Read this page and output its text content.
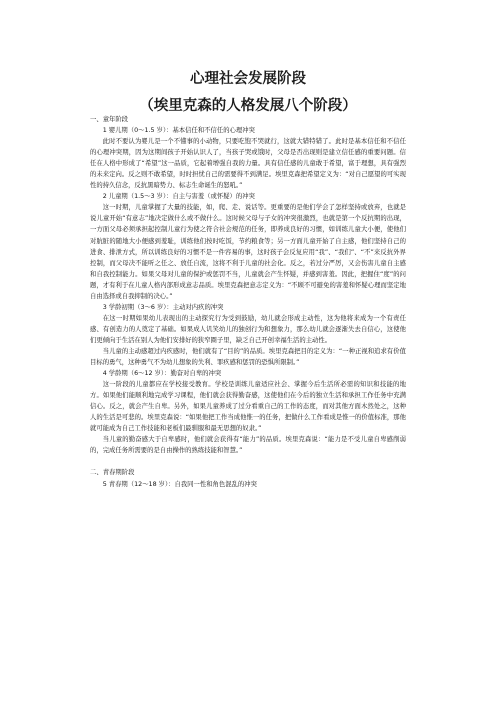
心理社会发展阶段
（埃里克森的人格发展八个阶段）

一、童年阶段

1 婴儿期（0～1.5 岁）：基本信任和不信任的心理冲突

此时不要认为婴儿是一个不懂事的小动物，只要吃饱不哭就行，这就大错特错了。此时是基本信任和不信任的心理冲突期，因为这期间孩子开始认识人了，当孩子哭或饿时，父母是否出现则是建立信任感的重要问题。信任在人格中形成了“希望”这一品质，它起着增强自我的力量。具有信任感的儿童敢于希望，富于理想，具有强烈的未来定向。反之则不敢希望，时时担忧自己的需要得不到满足。埃里克森把希望定义为：“对自己愿望的可实现性的持久信念，反抗黑暗势力、标志生命诞生的怒吼。”

2 儿童期（1.5～3 岁）：自主与害羞（或怀疑）的冲突

这一时期，儿童掌握了大量的技能，如，爬、走、说话等。更重要的是他们学会了怎样坚持或放弃，也就是说儿童开始“有意志”地决定做什么或不做什么。这时候父母与子女的冲突很激烈，也就是第一个反抗期的出现，一方面父母必须承担起控制儿童行为使之符合社会规范的任务，即养成良好的习惯，如训练儿童大小便，使他们对肮脏的随地大小便感到羞耻，训练他们按时吃饭，节约粮食等；另一方面儿童开始了自主感，他们坚持自己的进食、排泄方式，所以训练良好的习惯不是一件容易的事，这时孩子会反复应用“我”、“我们”、“不”来反抗外界控制，而父母决不能听之任之、放任自流，这将不利于儿童的社会化。反之，若过分严厉，又会伤害儿童自主感和自我控制能力。如果父母对儿童的保护或惩罚不当，儿童就会产生怀疑，并感到害羞。因此，把握住“度”的问题，才有利于在儿童人格内部形成意志品质。埃里克森把意志定义为：“不顾不可避免的害羞和怀疑心理而坚定地自由选择或自我抑制的决心。”

3 学龄初期（3～6 岁）：主动对内疚的冲突

在这一时期如果幼儿表现出的主动探究行为受到鼓励，幼儿就会形成主动性，这为他将来成为一个有责任感、有创造力的人奠定了基础。如果成人讥笑幼儿的独创行为和想象力，那么幼儿就会逐渐失去自信心，这使他们更倾向于生活在别人为他们安排好的狭窄圈子里，缺乏自己开创幸福生活的主动性。

当儿童的主动感超过内疚感时，他们就有了“目的”的品质。埃里克森把目的定义为：“一种正视和追求有价值目标的勇气，这种勇气不为幼儿想象的失利、罪疚感和惩罚的恐惧所限制。”

4 学龄期（6～12 岁）：勤奋对自卑的冲突

这一阶段的儿童都应在学校接受教育。学校是训练儿童适应社会、掌握今后生活所必需的知识和技能的地方。如果他们能顺利地完成学习课程，他们就会获得勤奋感，这使他们在今后的独立生活和承担工作任务中充满信心。反之，就会产生自卑。另外，如果儿童养成了过分看重自己的工作的态度，而对其他方面木然处之，这种人的生活是可悲的。埃里克森说：“如果他把工作当成他惟一的任务，把做什么工作看成是惟一的价值标准，那他就可能成为自己工作技能和老板们最驯服和最无思想的奴隶。”

当儿童的勤奋感大于自卑感时，他们就会获得有“能力”的品质。埃里克森说：“能力是不受儿童自卑感削弱的，完成任务所需要的是自由操作的熟练技能和智慧。”

二、青春期阶段

5 青春期（12～18 岁）：自我同一性和角色混乱的冲突
